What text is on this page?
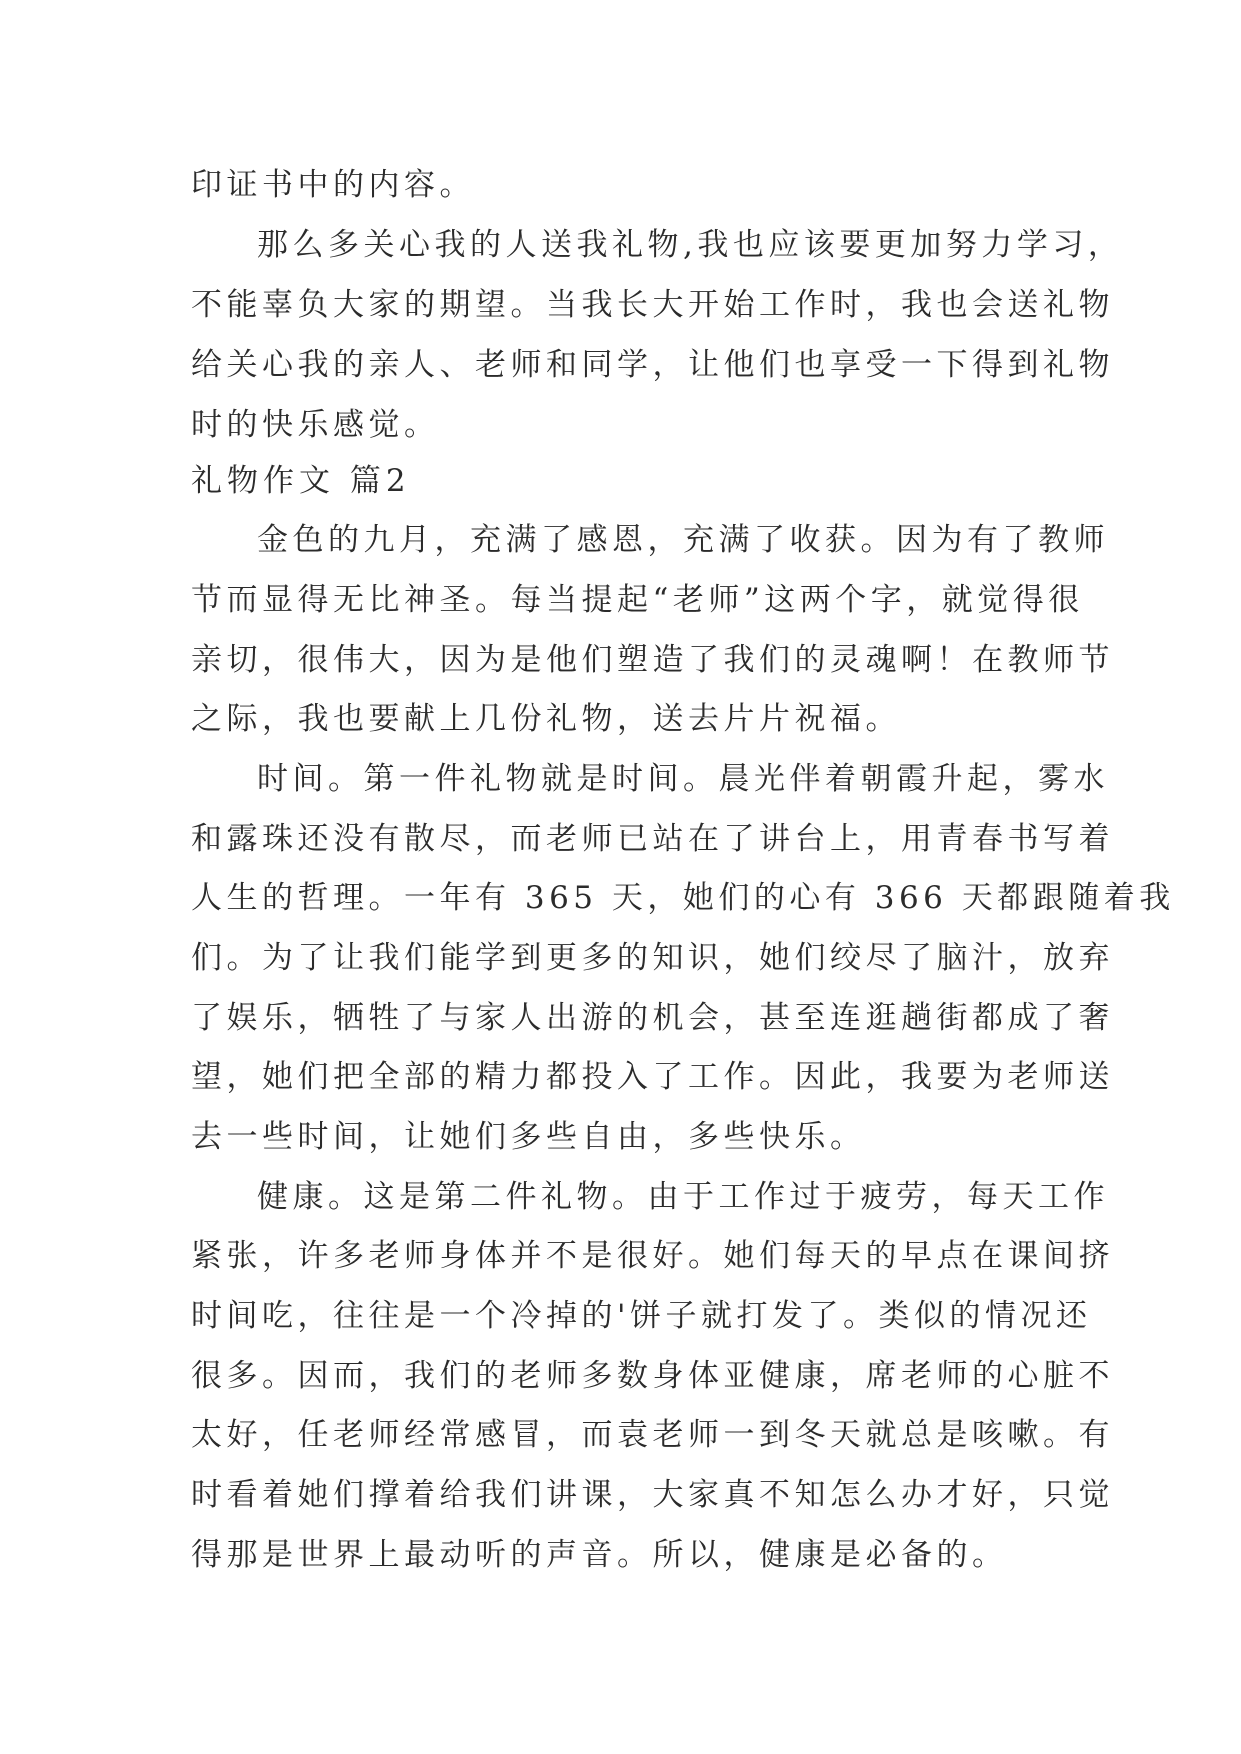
印证书中的内容。
那么多关心我的人送我礼物,我也应该要更加努力学习，
不能辜负大家的期望。当我长大开始工作时，我也会送礼物
给关心我的亲人、老师和同学，让他们也享受一下得到礼物
时的快乐感觉。
礼物作文 篇2
金色的九月，充满了感恩，充满了收获。因为有了教师
节而显得无比神圣。每当提起“老师”这两个字，就觉得很
亲切，很伟大，因为是他们塑造了我们的灵魂啊！在教师节
之际，我也要献上几份礼物，送去片片祝福。
时间。第一件礼物就是时间。晨光伴着朝霞升起，雾水
和露珠还没有散尽，而老师已站在了讲台上，用青春书写着
人生的哲理。一年有 365 天，她们的心有 366 天都跟随着我
们。为了让我们能学到更多的知识，她们绞尽了脑汁，放弃
了娱乐，牺牲了与家人出游的机会，甚至连逛趟街都成了奢
望，她们把全部的精力都投入了工作。因此，我要为老师送
去一些时间，让她们多些自由，多些快乐。
健康。这是第二件礼物。由于工作过于疲劳，每天工作
紧张，许多老师身体并不是很好。她们每天的早点在课间挤
时间吃，往往是一个冷掉的'饼子就打发了。类似的情况还
很多。因而，我们的老师多数身体亚健康，席老师的心脏不
太好，任老师经常感冒，而袁老师一到冬天就总是咳嗽。有
时看着她们撑着给我们讲课，大家真不知怎么办才好，只觉
得那是世界上最动听的声音。所以，健康是必备的。
